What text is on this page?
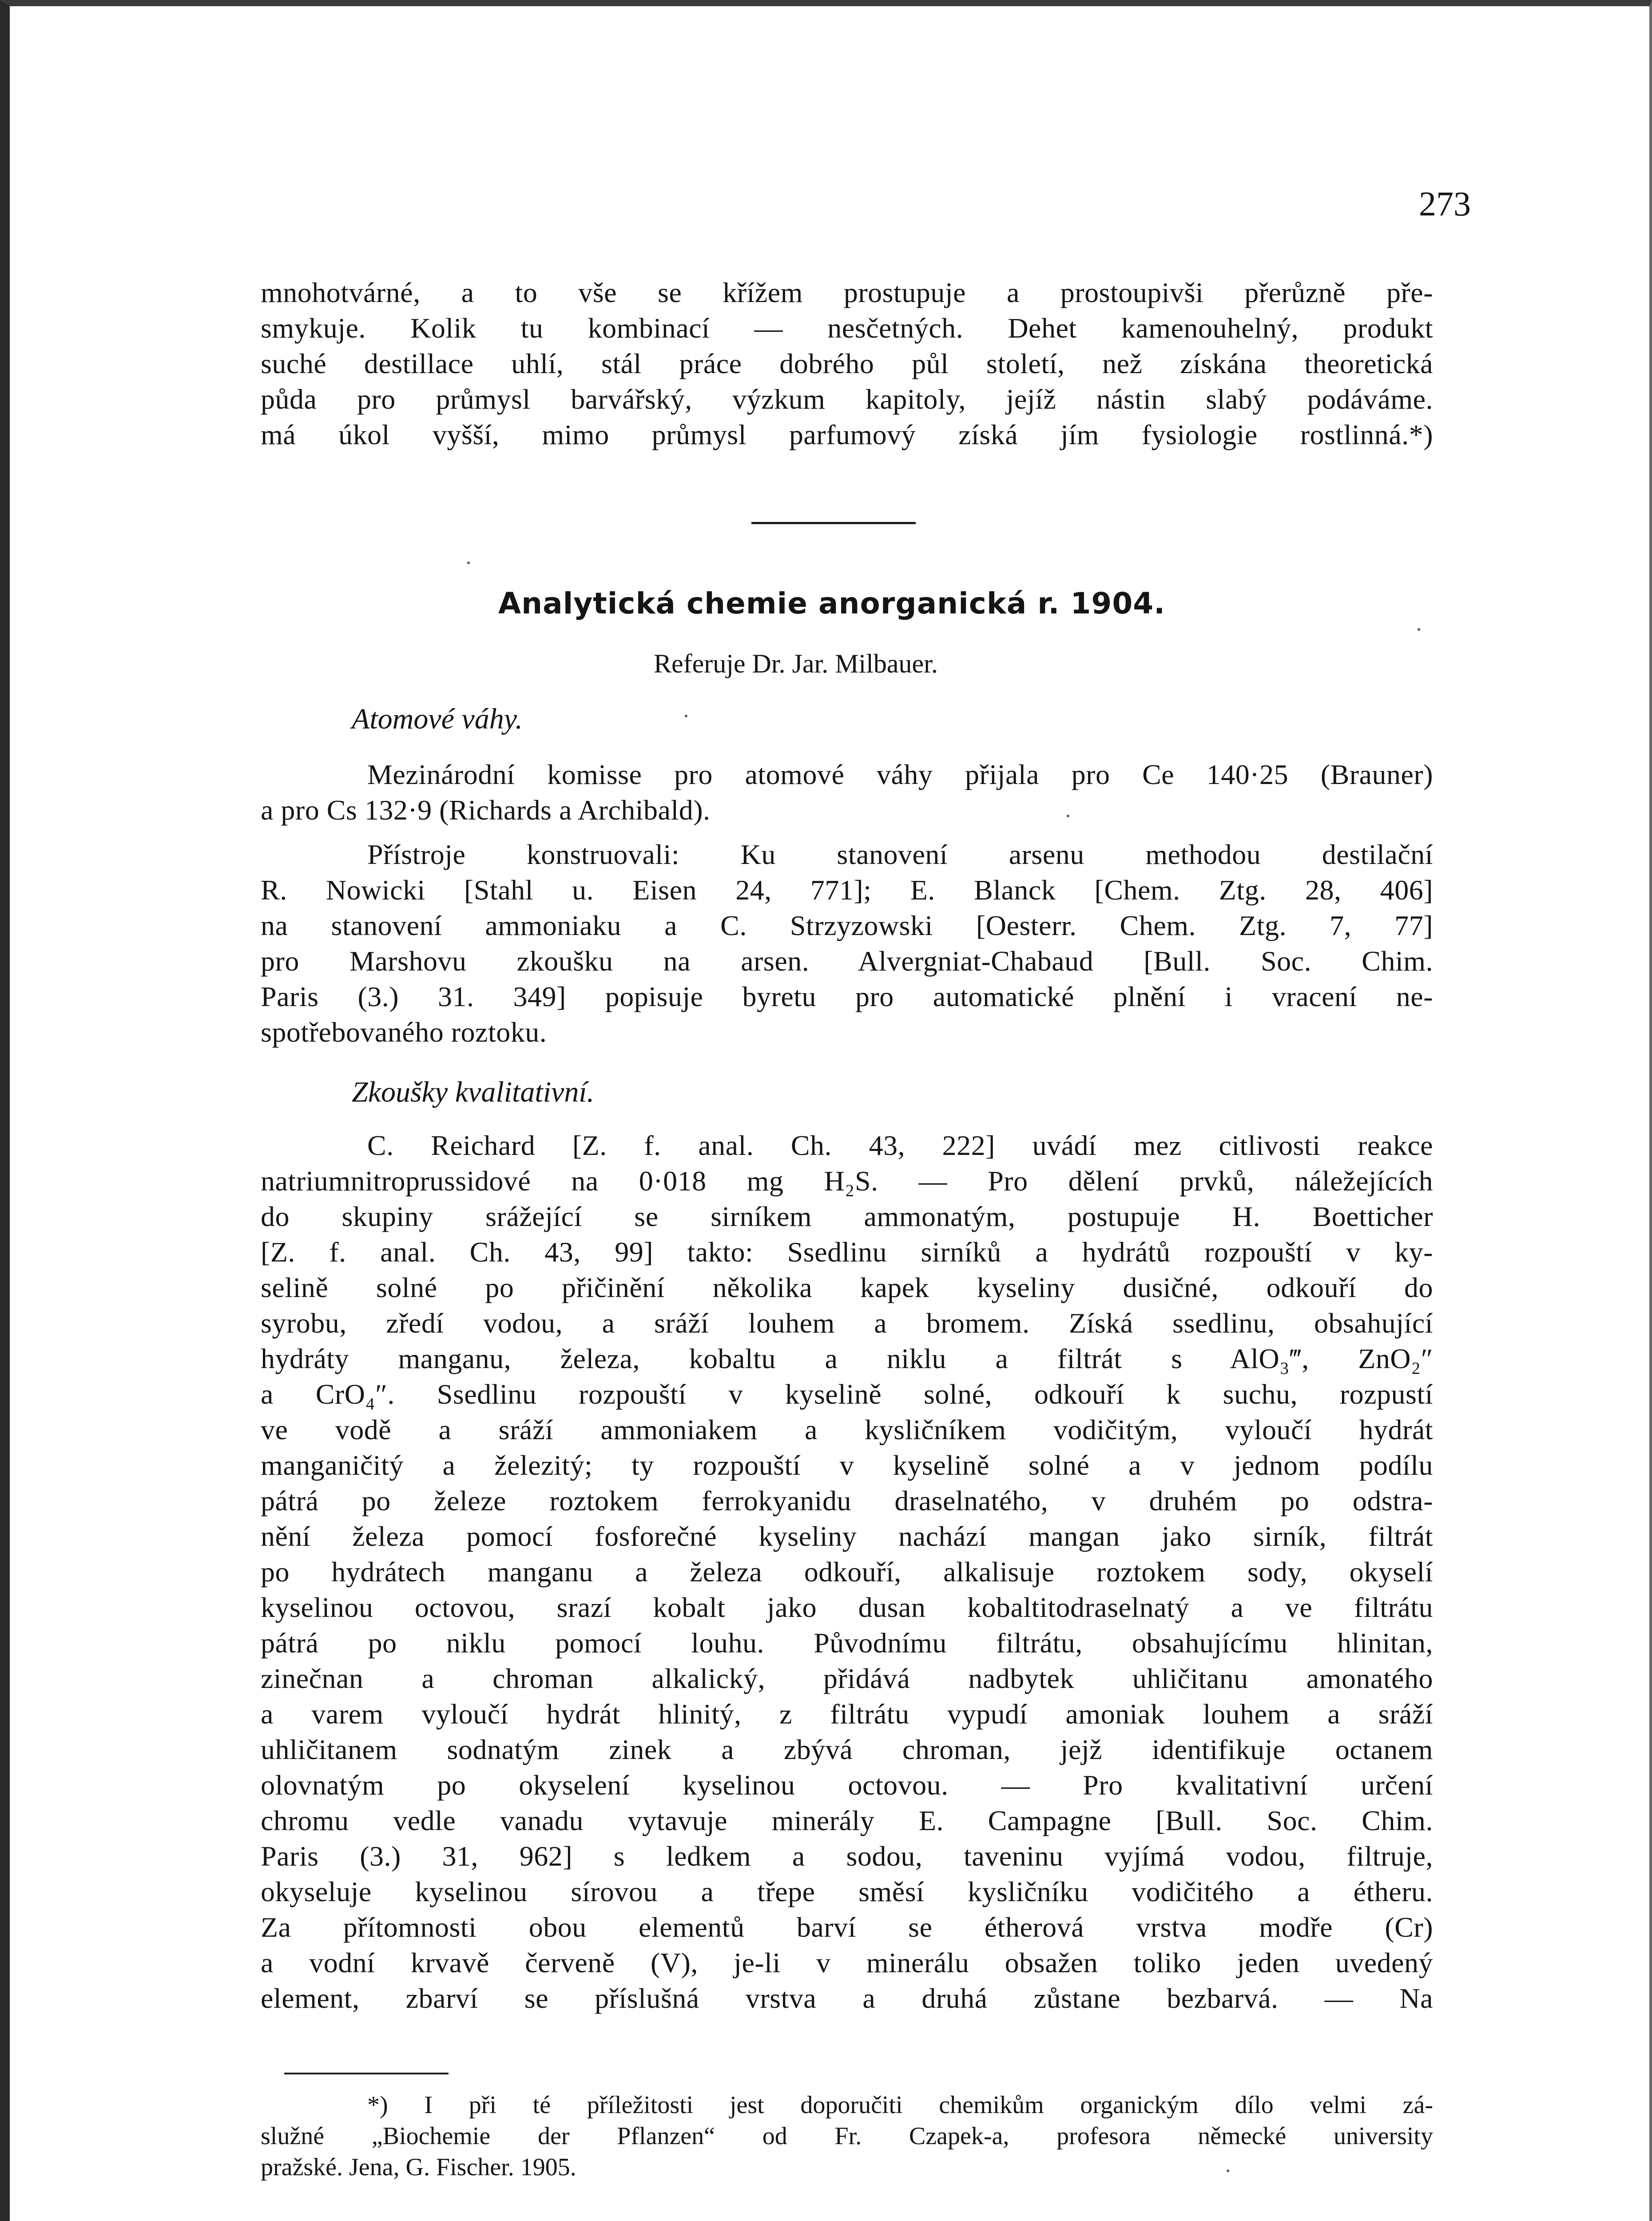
273

mnohotvárné, a to vše se křížem prostupuje a prostoupivši přerůzně pře-
smykuje. Kolik tu kombinací — nesčetných. Dehet kamenouhelný, produkt
suché destillace uhlí, stál práce dobrého půl století, než získána theoretická
půda pro průmysl barvářský, výzkum kapitoly, jejíž nástin slabý podáváme.
má úkol vyšší, mimo průmysl parfumový získá jím fysiologie rostlinná.*)

Analytická chemie anorganická r. 1904.
Referuje Dr. Jar. Milbauer.
Atomové váhy.

Mezinárodní komisse pro atomové váhy přijala pro Ce 140·25 (Brauner)
a pro Cs 132·9 (Richards a Archibald).

Přístroje konstruovali: Ku stanovení arsenu methodou destilační
R. Nowicki [Stahl u. Eisen 24, 771]; E. Blanck [Chem. Ztg. 28, 406]
na stanovení ammoniaku a C. Strzyzowski [Oesterr. Chem. Ztg. 7, 77]
pro Marshovu zkoušku na arsen. Alvergniat-Chabaud [Bull. Soc. Chim.
Paris (3.) 31. 349] popisuje byretu pro automatické plnění i vracení ne-
spotřebovaného roztoku.

Zkoušky kvalitativní.

C. Reichard [Z. f. anal. Ch. 43, 222] uvádí mez citlivosti reakce
natriumnitroprussidové na 0·018 mg H₂S. — Pro dělení prvků, náležejících
do skupiny srážející se sirníkem ammonatým, postupuje H. Boetticher
[Z. f. anal. Ch. 43, 99] takto: Ssedlinu sirníků a hydrátů rozpouští v ky-
selině solné po přičinění několika kapek kyseliny dusičné, odkouří do
syrobu, zředí vodou, a sráží louhem a bromem. Získá ssedlinu, obsahující
hydráty manganu, železa, kobaltu a niklu a filtrát s AlO₃‴, ZnO₂″
a CrO₄″. Ssedlinu rozpouští v kyselině solné, odkouří k suchu, rozpustí
ve vodě a sráží ammoniakem a kysličníkem vodičitým, vyloučí hydrát
manganičitý a železitý; ty rozpouští v kyselině solné a v jednom podílu
pátrá po železe roztokem ferrokyanidu draselnatého, v druhém po odstra-
nění železa pomocí fosforečné kyseliny nachází mangan jako sirník, filtrát
po hydrátech manganu a železa odkouří, alkalisuje roztokem sody, okyselí
kyselinou octovou, srazí kobalt jako dusan kobaltitodraselnatý a ve filtrátu
pátrá po niklu pomocí louhu. Původnímu filtrátu, obsahujícímu hlinitan,
zinečnan a chroman alkalický, přidává nadbytek uhličitanu amonatého
a varem vyloučí hydrát hlinitý, z filtrátu vypudí amoniak louhem a sráží
uhličitanem sodnatým zinek a zbývá chroman, jejž identifikuje octanem
olovnatým po okyselení kyselinou octovou. — Pro kvalitativní určení
chromu vedle vanadu vytavuje minerály E. Campagne [Bull. Soc. Chim.
Paris (3.) 31, 962] s ledkem a sodou, taveninu vyjímá vodou, filtruje,
okyseluje kyselinou sírovou a třepe směsí kysličníku vodičitého a étheru.
Za přítomnosti obou elementů barví se étherová vrstva modře (Cr)
a vodní krvavě červeně (V), je-li v minerálu obsažen toliko jeden uvedený
element, zbarví se příslušná vrstva a druhá zůstane bezbarvá. — Na

*) I při té příležitosti jest doporučiti chemikům organickým dílo velmi zá-
služné „Biochemie der Pflanzen“ od Fr. Czapek-a, profesora německé university
pražské. Jena, G. Fischer. 1905.
